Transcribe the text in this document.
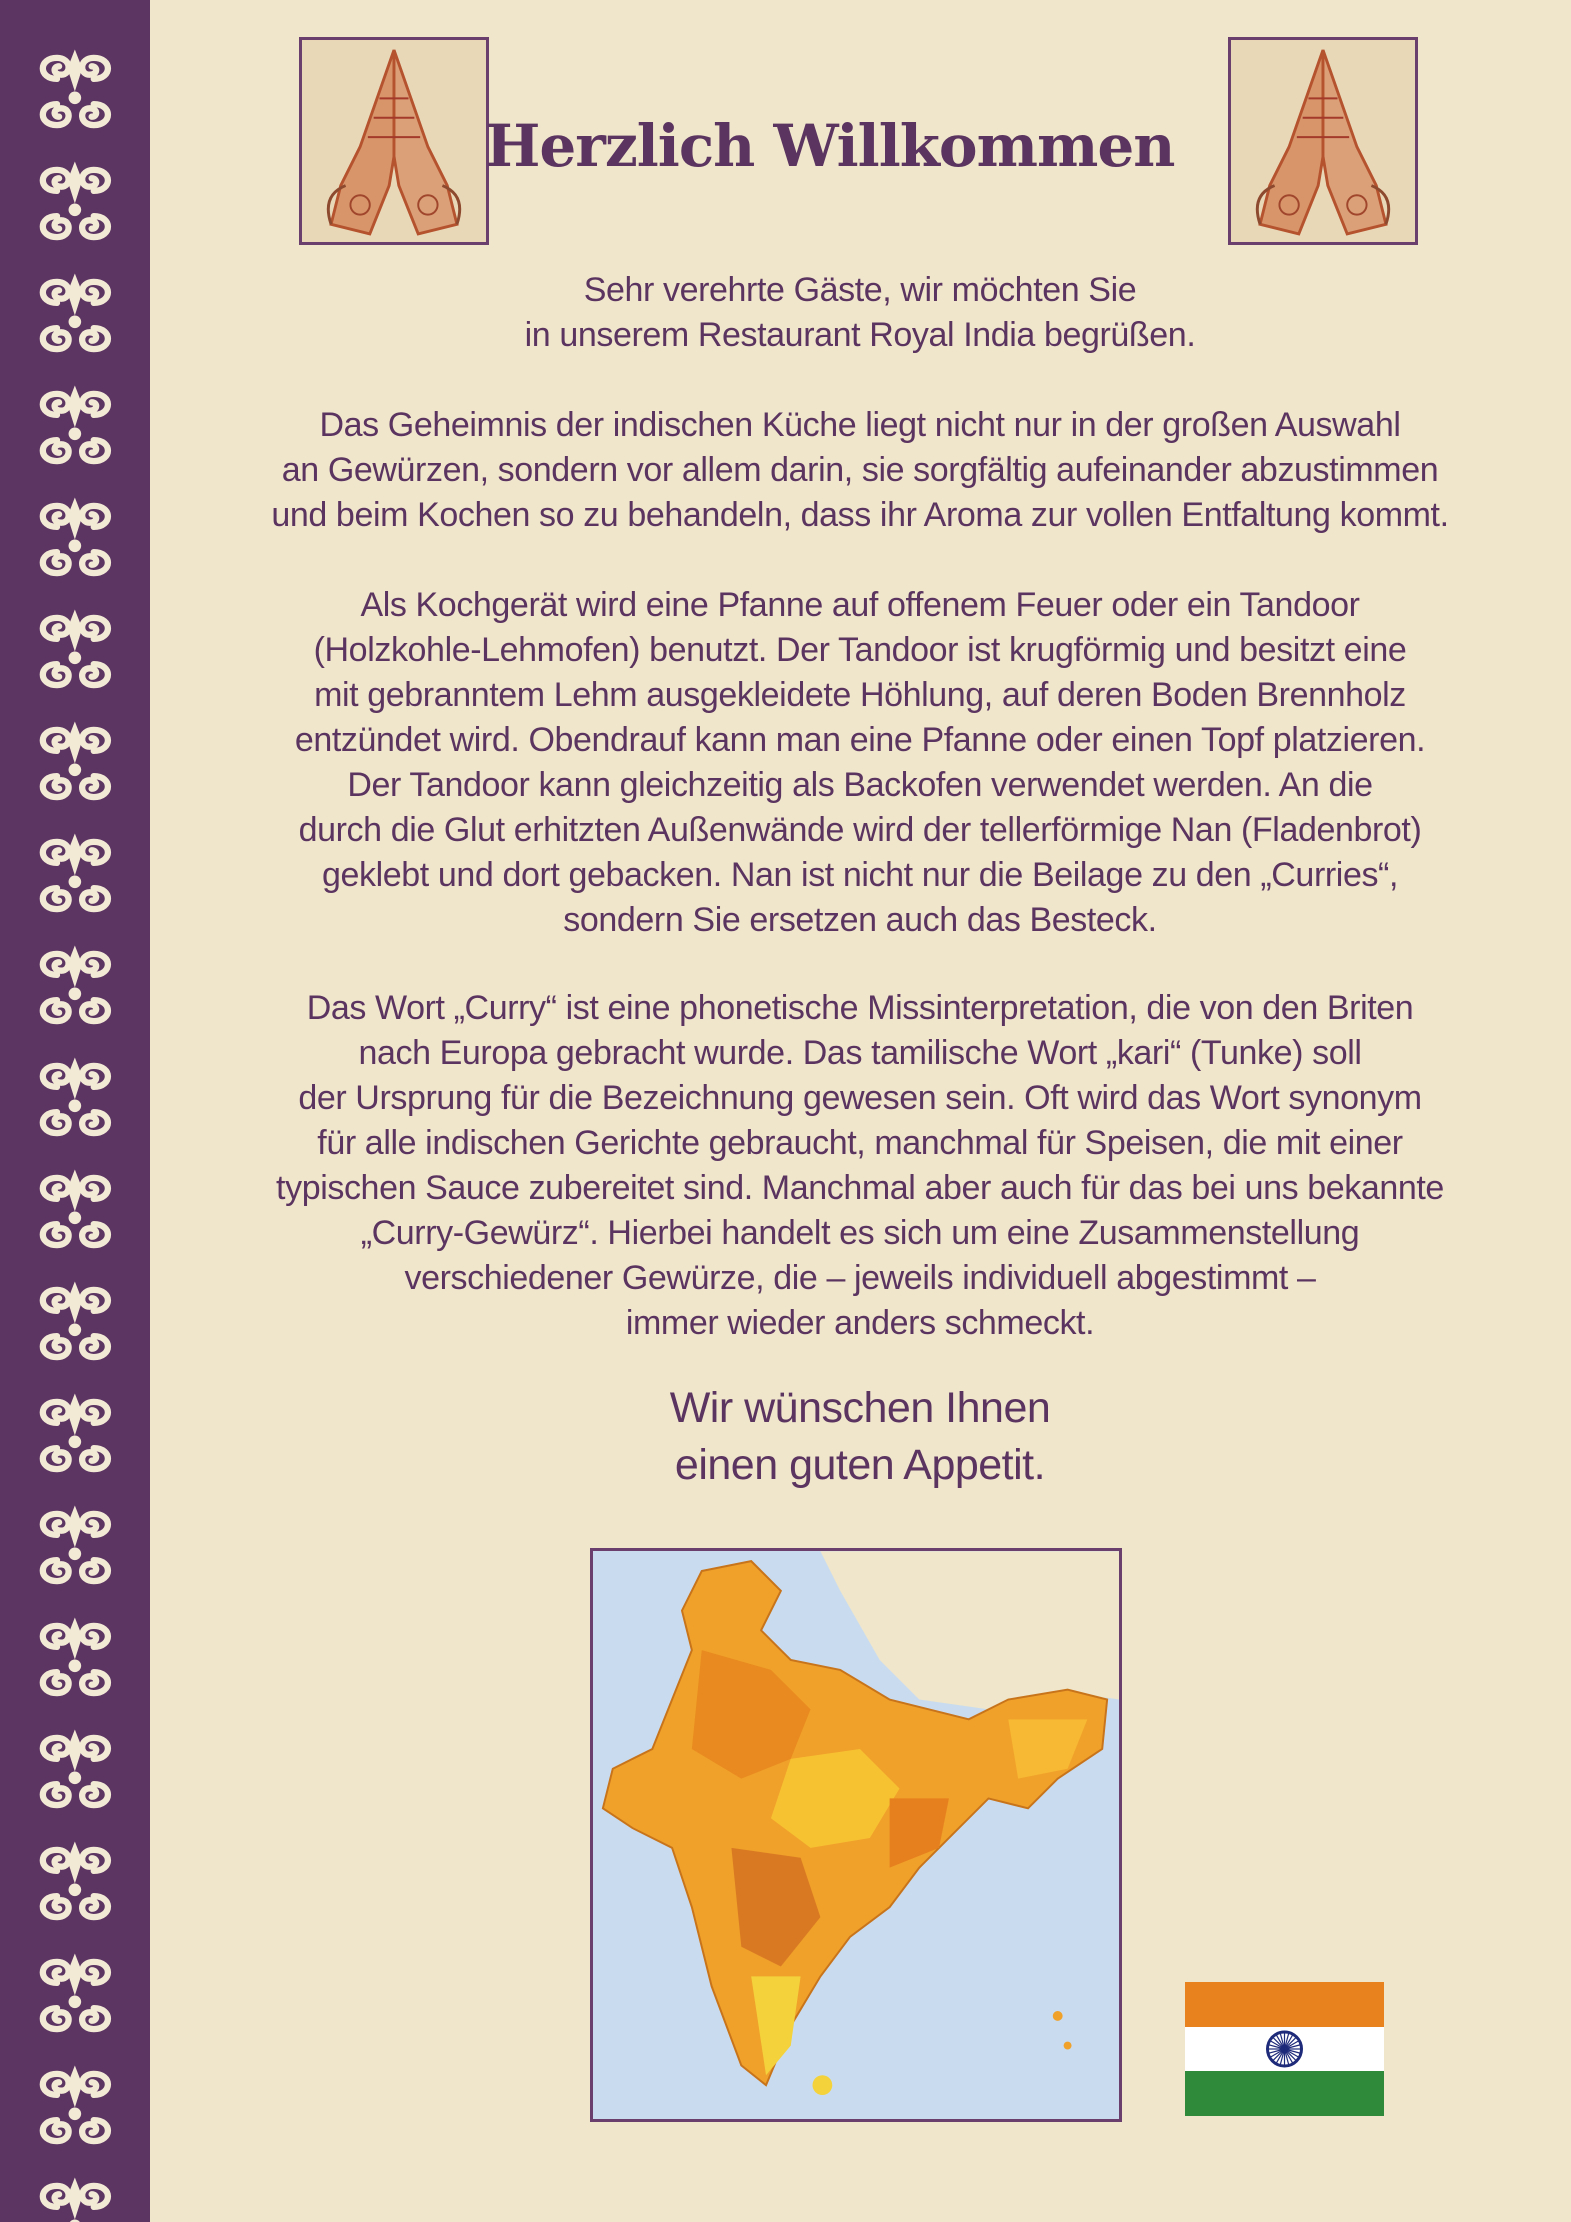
Herzlich Willkommen

Sehr verehrte Gäste, wir möchten Sie
in unserem Restaurant Royal India begrüßen.

Das Geheimnis der indischen Küche liegt nicht nur in der großen Auswahl
an Gewürzen, sondern vor allem darin, sie sorgfältig aufeinander abzustimmen
und beim Kochen so zu behandeln, dass ihr Aroma zur vollen Entfaltung kommt.

Als Kochgerät wird eine Pfanne auf offenem Feuer oder ein Tandoor
(Holzkohle-Lehmofen) benutzt. Der Tandoor ist krugförmig und besitzt eine
mit gebranntem Lehm ausgekleidete Höhlung, auf deren Boden Brennholz
entzündet wird. Obendrauf kann man eine Pfanne oder einen Topf platzieren.
Der Tandoor kann gleichzeitig als Backofen verwendet werden. An die
durch die Glut erhitzten Außenwände wird der tellerförmige Nan (Fladenbrot)
geklebt und dort gebacken. Nan ist nicht nur die Beilage zu den „Curries“,
sondern Sie ersetzen auch das Besteck.

Das Wort „Curry“ ist eine phonetische Missinterpretation, die von den Briten
nach Europa gebracht wurde. Das tamilische Wort „kari“ (Tunke) soll
der Ursprung für die Bezeichnung gewesen sein. Oft wird das Wort synonym
für alle indischen Gerichte gebraucht, manchmal für Speisen, die mit einer
typischen Sauce zubereitet sind. Manchmal aber auch für das bei uns bekannte
„Curry-Gewürz“. Hierbei handelt es sich um eine Zusammenstellung
verschiedener Gewürze, die – jeweils individuell abgestimmt –
immer wieder anders schmeckt.

Wir wünschen Ihnen
einen guten Appetit.
